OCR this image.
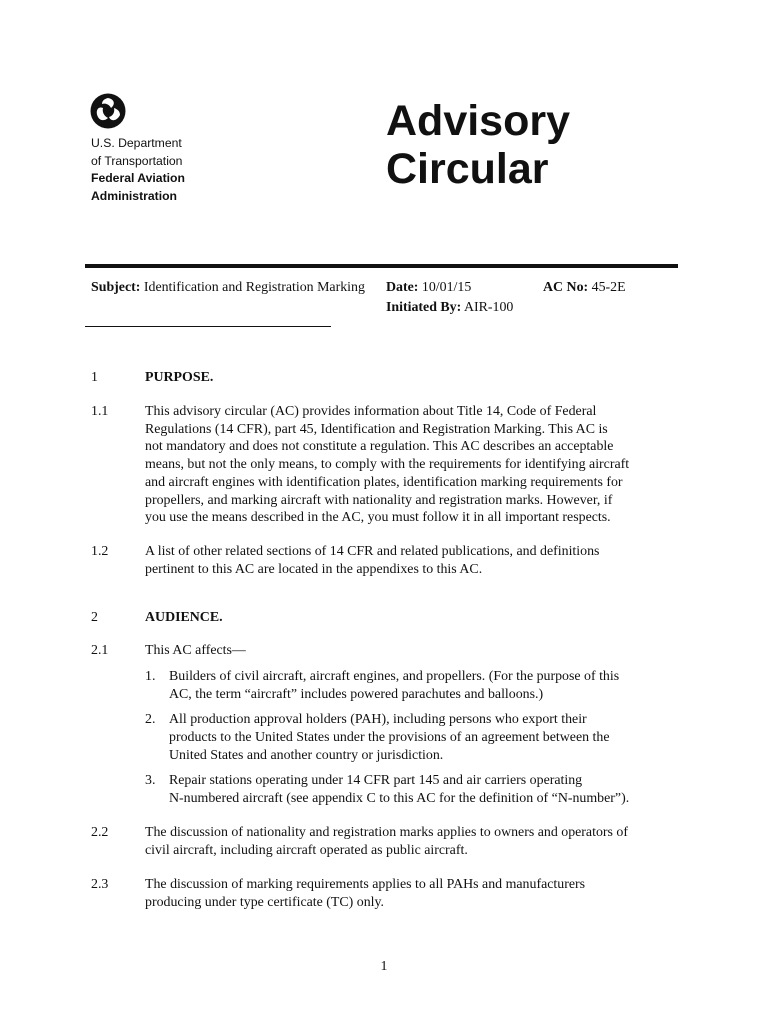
U.S. Department
of Transportation
Federal Aviation
Administration
Advisory
Circular
Subject: Identification and Registration Marking Date: 10/01/15	AC No: 45-2E
Initiated By: AIR-100
1	PURPOSE.
1.1	This advisory circular (AC) provides information about Title 14, Code of Federal
Regulations (14 CFR), part 45, Identification and Registration Marking. This AC is
not mandatory and does not constitute a regulation. This AC describes an acceptable
means, but not the only means, to comply with the requirements for identifying aircraft
and aircraft engines with identification plates, identification marking requirements for
propellers, and marking aircraft with nationality and registration marks. However, if
you use the means described in the AC, you must follow it in all important respects.
1.2	A list of other related sections of 14 CFR and related publications, and definitions
pertinent to this AC are located in the appendixes to this AC.
2	AUDIENCE.
2.1	This AC affects—
1. Builders of civil aircraft, aircraft engines, and propellers. (For the purpose of this
AC, the term “aircraft” includes powered parachutes and balloons.)
2. All production approval holders (PAH), including persons who export their
products to the United States under the provisions of an agreement between the
United States and another country or jurisdiction.
3. Repair stations operating under 14 CFR part 145 and air carriers operating
N-numbered aircraft (see appendix C to this AC for the definition of “N-number”).
2.2	The discussion of nationality and registration marks applies to owners and operators of
civil aircraft, including aircraft operated as public aircraft.
2.3	The discussion of marking requirements applies to all PAHs and manufacturers
producing under type certificate (TC) only.
1
